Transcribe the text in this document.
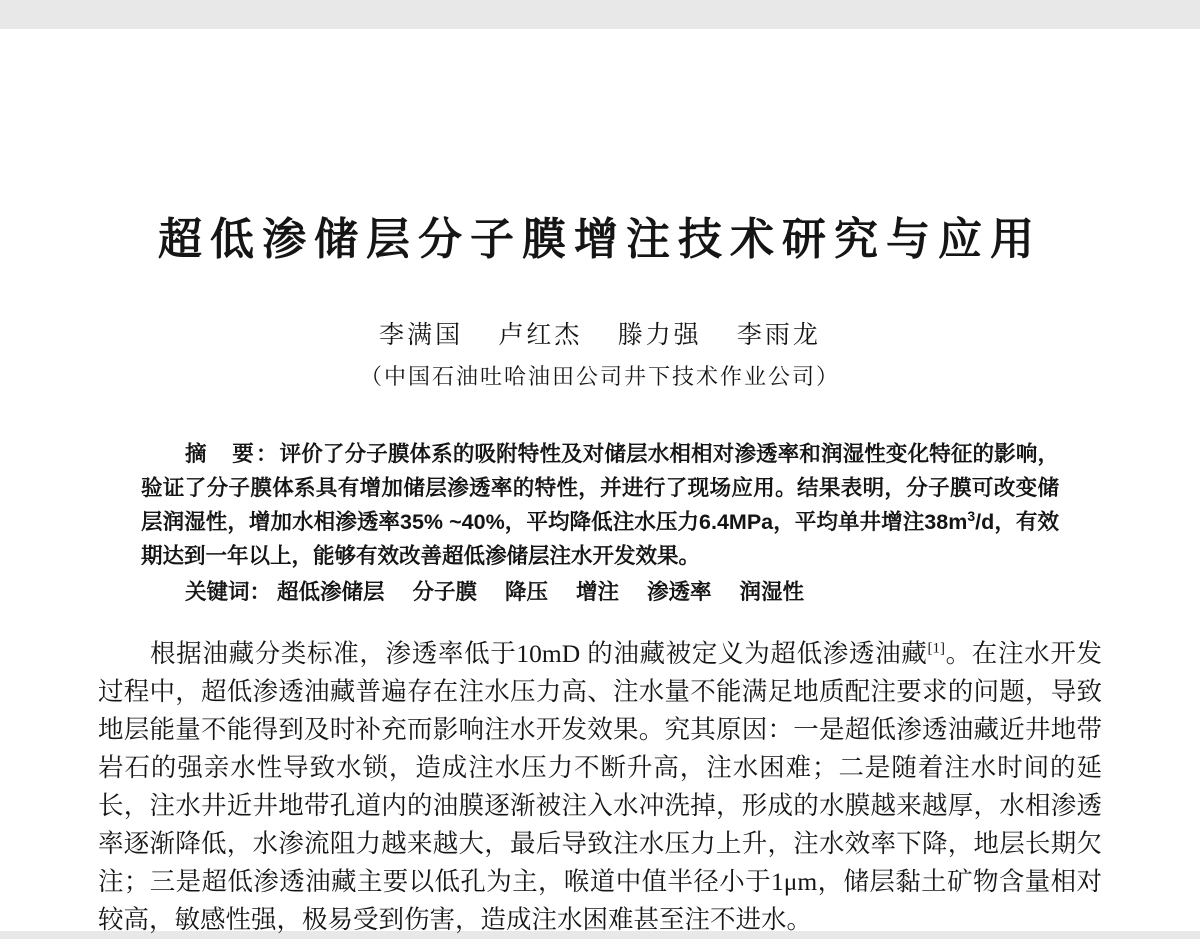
超低渗储层分子膜增注技术研究与应用
李满国 卢红杰 滕力强 李雨龙
（中国石油吐哈油田公司井下技术作业公司）
摘　要：评价了分子膜体系的吸附特性及对储层水相相对渗透率和润湿性变化特征的影响，验证了分子膜体系具有增加储层渗透率的特性，并进行了现场应用。结果表明，分子膜可改变储层润湿性，增加水相渗透率35% ~40%，平均降低注水压力6.4MPa，平均单井增注$38m^3/d$，有效期达到一年以上，能够有效改善超低渗储层注水开发效果。
关键词： 超低渗储层 分子膜 降压 增注 渗透率 润湿性
根据油藏分类标准，渗透率低于10mD 的油藏被定义为超低渗透油藏[1]。在注水开发过程中，超低渗透油藏普遍存在注水压力高、注水量不能满足地质配注要求的问题，导致地层能量不能得到及时补充而影响注水开发效果。究其原因：一是超低渗透油藏近井地带岩石的强亲水性导致水锁，造成注水压力不断升高，注水困难；二是随着注水时间的延长，注水井近井地带孔道内的油膜逐渐被注入水冲洗掉，形成的水膜越来越厚，水相渗透率逐渐降低，水渗流阻力越来越大，最后导致注水压力上升，注水效率下降，地层长期欠注；三是超低渗透油藏主要以低孔为主，喉道中值半径小于1μm，储层黏土矿物含量相对较高，敏感性强，极易受到伤害，造成注水困难甚至注不进水。
